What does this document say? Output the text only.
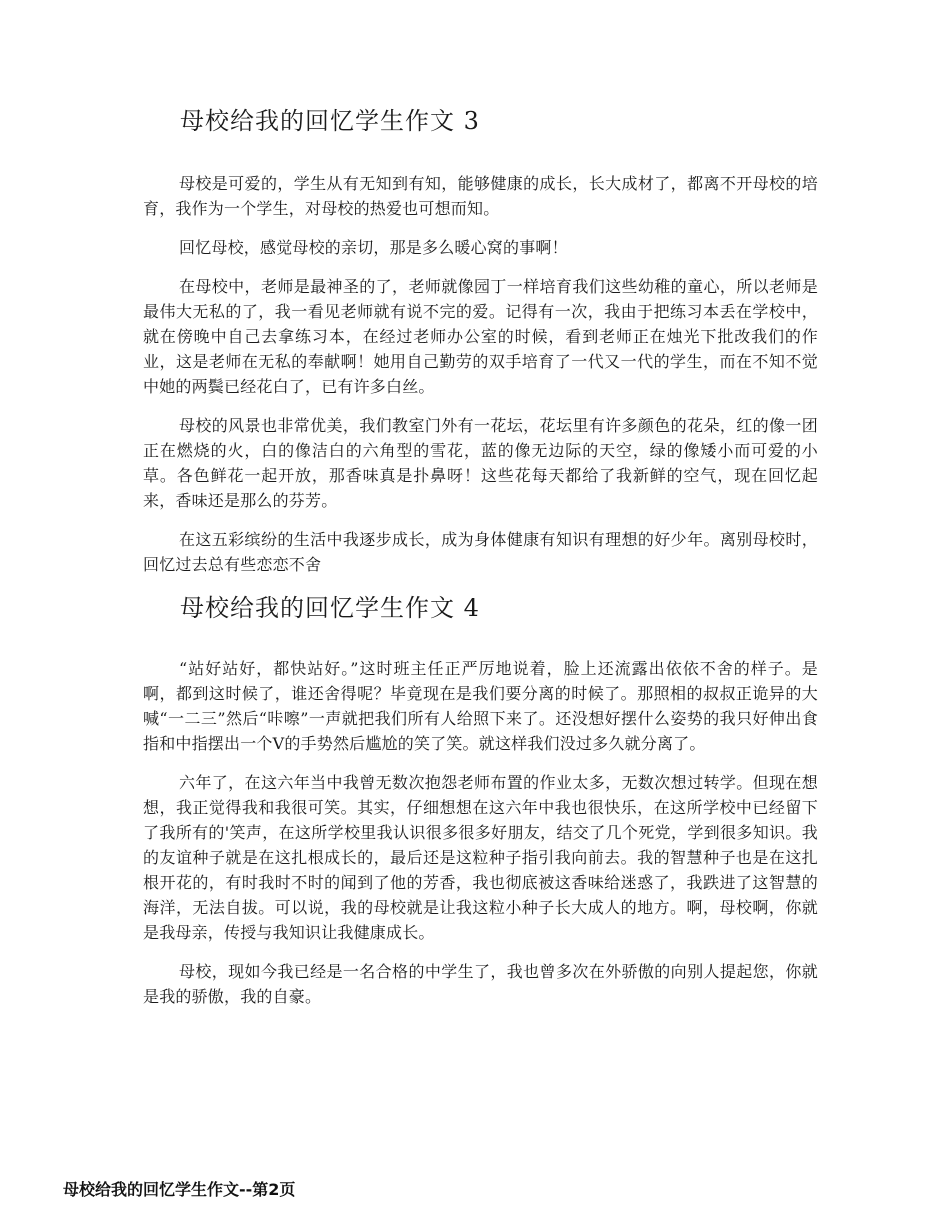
母校给我的回忆学生作文 3

母校是可爱的，学生从有无知到有知，能够健康的成长，长大成材了，都离不开母校的培育，我作为一个学生，对母校的热爱也可想而知。

回忆母校，感觉母校的亲切，那是多么暖心窝的事啊！

在母校中，老师是最神圣的了，老师就像园丁一样培育我们这些幼稚的童心，所以老师是最伟大无私的了，我一看见老师就有说不完的爱。记得有一次，我由于把练习本丢在学校中，就在傍晚中自己去拿练习本，在经过老师办公室的时候，看到老师正在烛光下批改我们的作业，这是老师在无私的奉献啊！她用自己勤劳的双手培育了一代又一代的学生，而在不知不觉中她的两鬓已经花白了，已有许多白丝。

母校的风景也非常优美，我们教室门外有一花坛，花坛里有许多颜色的花朵，红的像一团正在燃烧的火，白的像洁白的六角型的雪花，蓝的像无边际的天空，绿的像矮小而可爱的小草。各色鲜花一起开放，那香味真是扑鼻呀！这些花每天都给了我新鲜的空气，现在回忆起来，香味还是那么的芬芳。

在这五彩缤纷的生活中我逐步成长，成为身体健康有知识有理想的好少年。离别母校时，回忆过去总有些恋恋不舍

母校给我的回忆学生作文 4

“站好站好，都快站好。”这时班主任正严厉地说着，脸上还流露出依依不舍的样子。是啊，都到这时候了，谁还舍得呢？毕竟现在是我们要分离的时候了。那照相的叔叔正诡异的大喊“一二三”然后“咔嚓”一声就把我们所有人给照下来了。还没想好摆什么姿势的我只好伸出食指和中指摆出一个V的手势然后尴尬的笑了笑。就这样我们没过多久就分离了。

六年了，在这六年当中我曾无数次抱怨老师布置的作业太多，无数次想过转学。但现在想想，我正觉得我和我很可笑。其实，仔细想想在这六年中我也很快乐，在这所学校中已经留下了我所有的'笑声，在这所学校里我认识很多很多好朋友，结交了几个死党，学到很多知识。我的友谊种子就是在这扎根成长的，最后还是这粒种子指引我向前去。我的智慧种子也是在这扎根开花的，有时我时不时的闻到了他的芳香，我也彻底被这香味给迷惑了，我跌进了这智慧的海洋，无法自拔。可以说，我的母校就是让我这粒小种子长大成人的地方。啊，母校啊，你就是我母亲，传授与我知识让我健康成长。

母校，现如今我已经是一名合格的中学生了，我也曾多次在外骄傲的向别人提起您，你就是我的骄傲，我的自豪。

母校给我的回忆学生作文--第2页
